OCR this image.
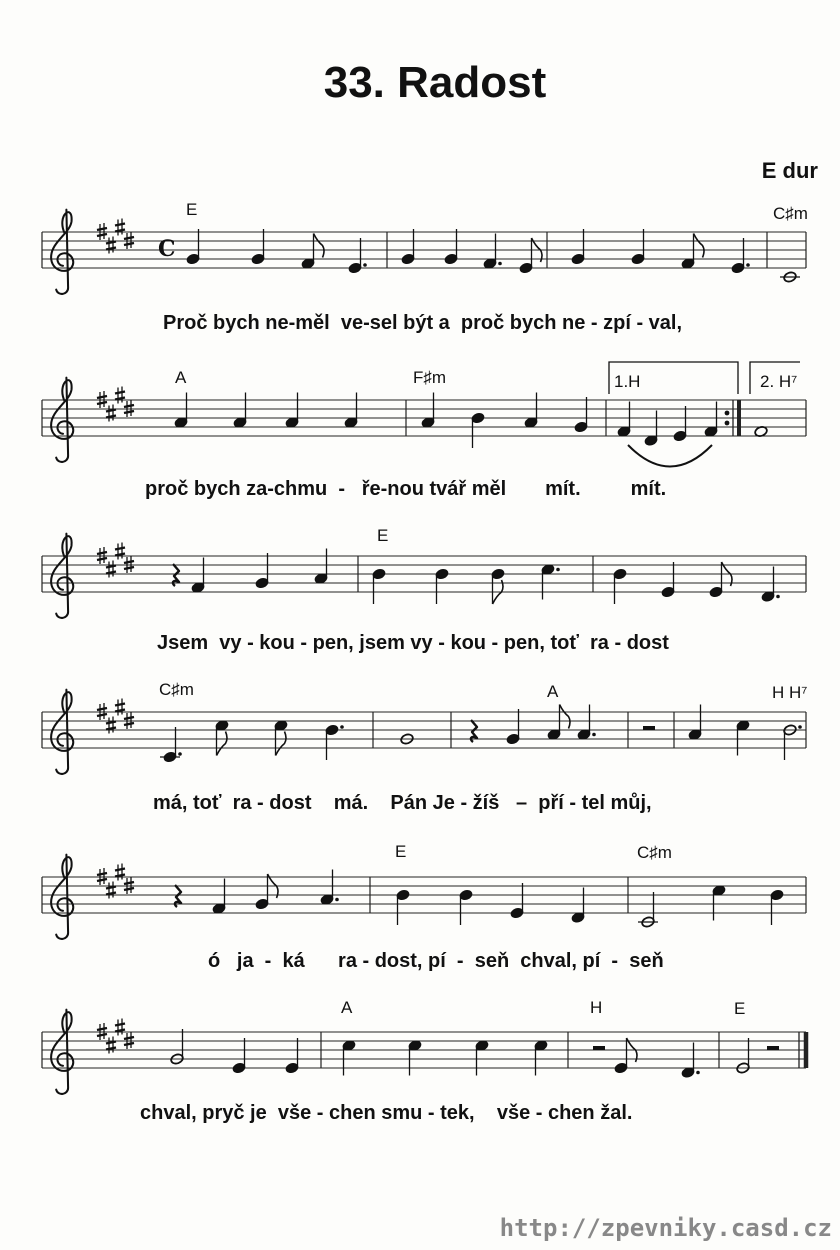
33. Radost
E dur
E	C♯m
A	F♯m	1.H	2. H⁷
E
C♯m	A	H H⁷
E	C♯m
A	H	E
Proč bych ne-měl  ve-sel být a  proč bych ne - zpí - val,
proč bych za-chmu  -   ře-nou tvář měl       mít.         mít.
Jsem  vy - kou - pen, jsem vy - kou - pen, toť  ra - dost
má, toť  ra - dost    má.    Pán Je - žíš   –  pří - tel můj,
ó   ja  -  ká      ra - dost, pí  -  seň  chval, pí  -  seň
chval, pryč je  vše - chen smu - tek,    vše - chen žal.
http://zpevniky.casd.cz
C
